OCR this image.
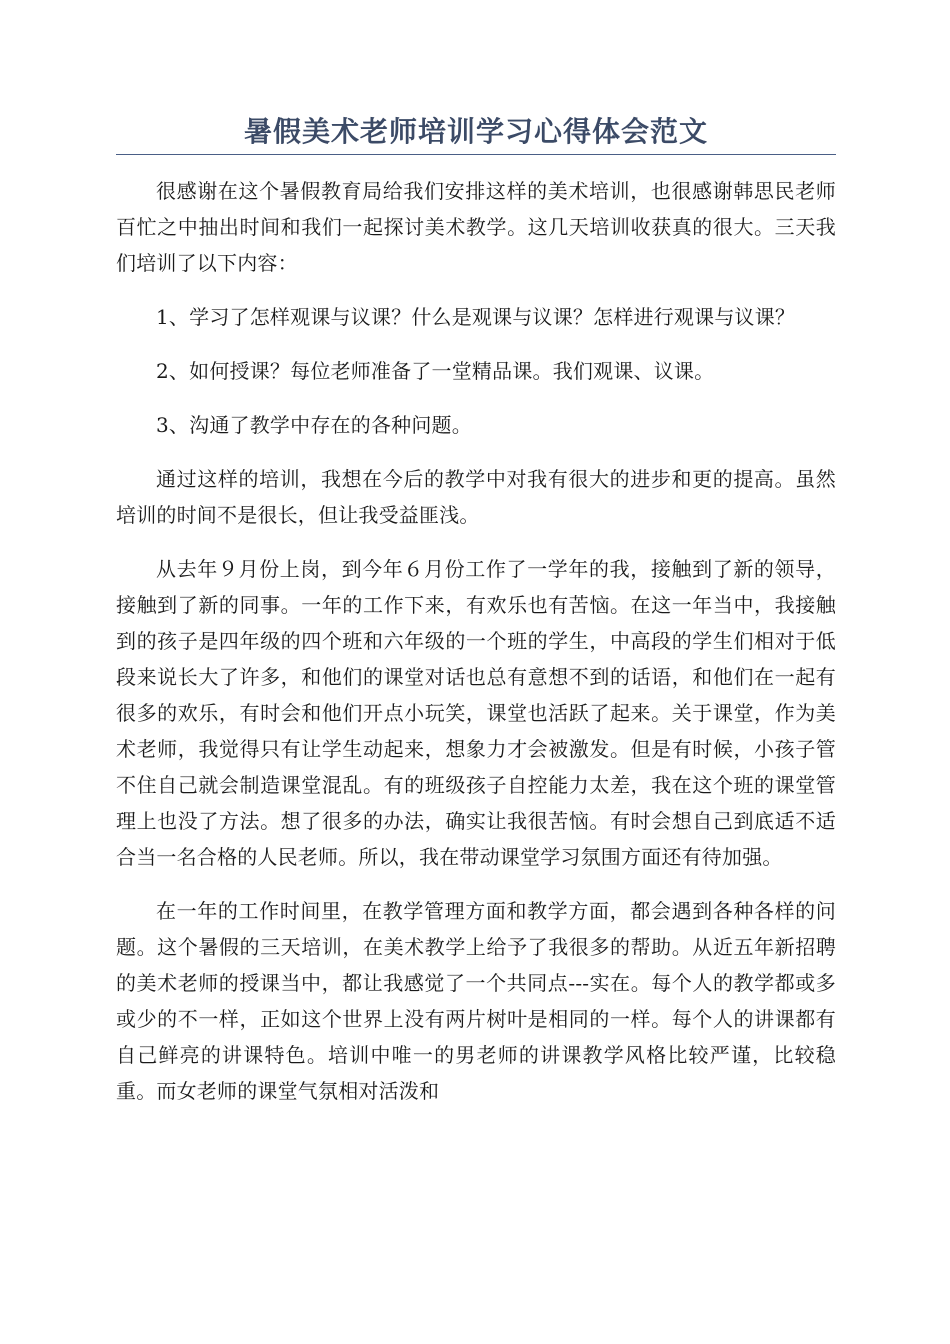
暑假美术老师培训学习心得体会范文

很感谢在这个暑假教育局给我们安排这样的美术培训，也很感谢韩思民老师百忙之中抽出时间和我们一起探讨美术教学。这几天培训收获真的很大。三天我们培训了以下内容：

1、学习了怎样观课与议课？什么是观课与议课？怎样进行观课与议课？

2、如何授课？每位老师准备了一堂精品课。我们观课、议课。

3、沟通了教学中存在的各种问题。

通过这样的培训，我想在今后的教学中对我有很大的进步和更的提高。虽然培训的时间不是很长，但让我受益匪浅。

从去年９月份上岗，到今年６月份工作了一学年的我，接触到了新的领导，接触到了新的同事。一年的工作下来，有欢乐也有苦恼。在这一年当中，我接触到的孩子是四年级的四个班和六年级的一个班的学生，中高段的学生们相对于低段来说长大了许多，和他们的课堂对话也总有意想不到的话语，和他们在一起有很多的欢乐，有时会和他们开点小玩笑，课堂也活跃了起来。关于课堂，作为美术老师，我觉得只有让学生动起来，想象力才会被激发。但是有时候，小孩子管不住自己就会制造课堂混乱。有的班级孩子自控能力太差，我在这个班的课堂管理上也没了方法。想了很多的办法，确实让我很苦恼。有时会想自己到底适不适合当一名合格的人民老师。所以，我在带动课堂学习氛围方面还有待加强。

在一年的工作时间里，在教学管理方面和教学方面，都会遇到各种各样的问题。这个暑假的三天培训，在美术教学上给予了我很多的帮助。从近五年新招聘的美术老师的授课当中，都让我感觉了一个共同点---实在。每个人的教学都或多或少的不一样，正如这个世界上没有两片树叶是相同的一样。每个人的讲课都有自己鲜亮的讲课特色。培训中唯一的男老师的讲课教学风格比较严谨，比较稳重。而女老师的课堂气氛相对活泼和
